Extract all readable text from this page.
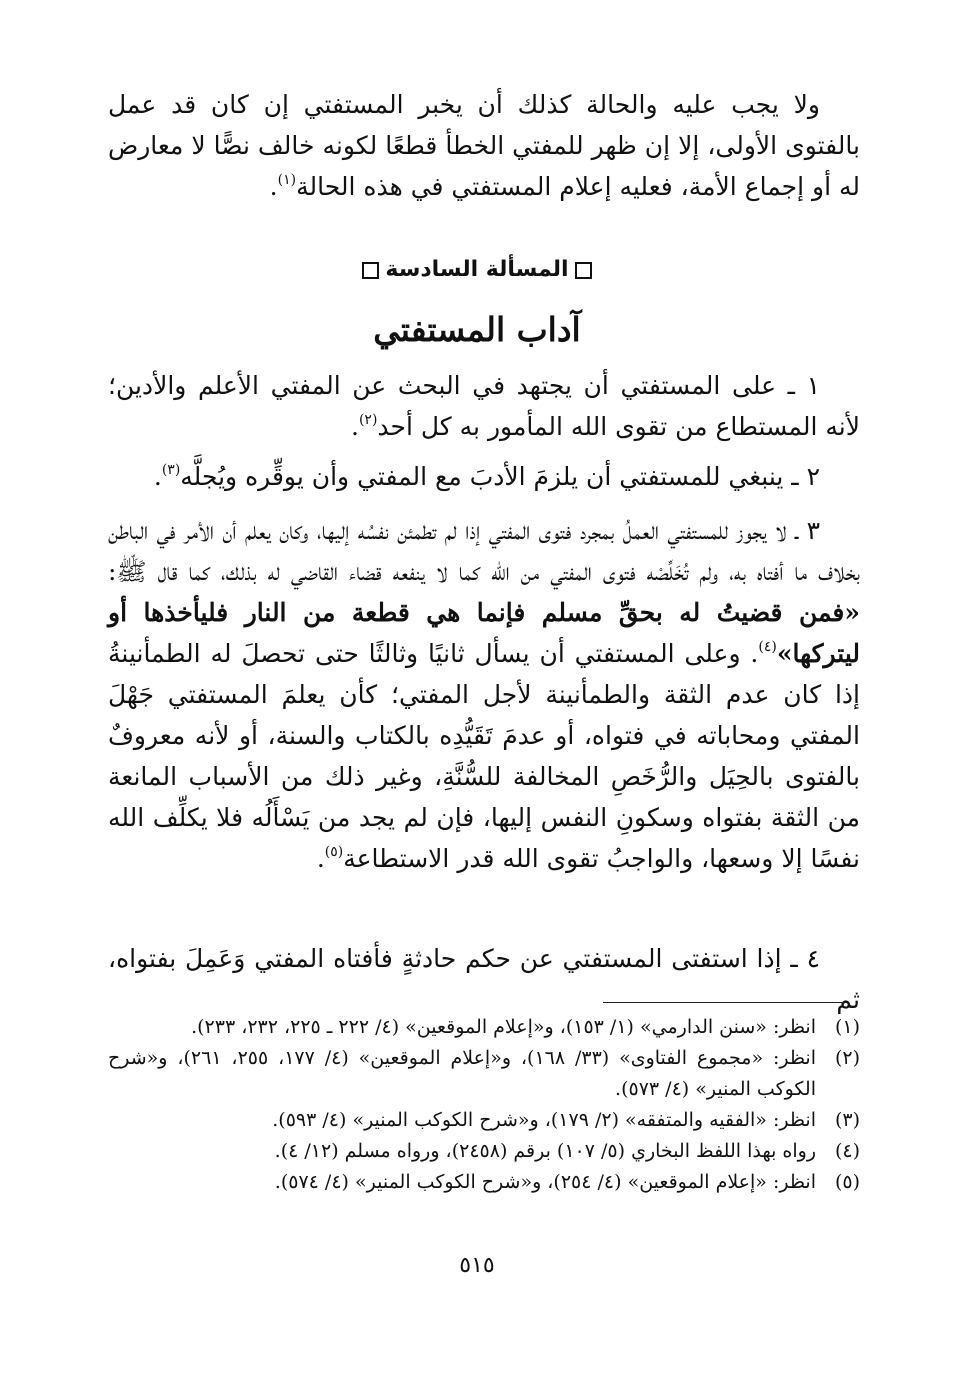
ولا يجب عليه والحالة كذلك أن يخبر المستفتي إن كان قد عمل بالفتوى الأولى، إلا إن ظهر للمفتي الخطأ قطعًا لكونه خالف نصًّا لا معارض له أو إجماع الأمة، فعليه إعلام المستفتي في هذه الحالة$^{(١)}$.

المسألة السادسة
آداب المستفتي

١ ـ على المستفتي أن يجتهد في البحث عن المفتي الأعلم والأدين؛ لأنه المستطاع من تقوى الله المأمور به كل أحد$^{(٢)}$.

٢ ـ ينبغي للمستفتي أن يلزمَ الأدبَ مع المفتي وأن يوقِّره ويُجلَّه$^{(٣)}$.

٣ ـ لا يجوز للمستفتي العملُ بمجرد فتوى المفتي إذا لم تطمئن نفسُه إليها، وكان يعلم أن الأمر في الباطن بخلاف ما أفتاه به، ولم تُخَلِّصْه فتوى المفتي من الله كما لا ينفعه قضاء القاضي له بذلك، كما قال ﷺ: «فمن قضيتُ له بحقِّ مسلم فإنما هي قطعة من النار فليأخذها أو ليتركها»$^{(٤)}$. وعلى المستفتي أن يسأل ثانيًا وثالثًا حتى تحصلَ له الطمأنينةُ إذا كان عدم الثقة والطمأنينة لأجل المفتي؛ كأن يعلمَ المستفتي جَهْلَ المفتي ومحاباته في فتواه، أو عدمَ تَقَيُّدِه بالكتاب والسنة، أو لأنه معروفٌ بالفتوى بالحِيَل والرُّخَصِ المخالفة للسُّنَّةِ، وغير ذلك من الأسباب المانعة من الثقة بفتواه وسكونِ النفس إليها، فإن لم يجد من يَسْأَلُه فلا يكلِّف الله نفسًا إلا وسعها، والواجبُ تقوى الله قدر الاستطاعة$^{(٥)}$.

٤ ـ إذا استفتى المستفتي عن حكم حادثةٍ فأفتاه المفتي وَعَمِلَ بفتواه، ثم

(١)
انظر: «سنن الدارمي» (١/ ١٥٣)، و«إعلام الموقعين» (٤/ ٢٢٢ ـ ٢٢٥، ٢٣٢، ٢٣٣).
(٢)
انظر: «مجموع الفتاوى» (٣٣/ ١٦٨)، و«إعلام الموقعين» (٤/ ١٧٧، ٢٥٥، ٢٦١)، و«شرح الكوكب المنير» (٤/ ٥٧٣).
(٣)
انظر: «الفقيه والمتفقه» (٢/ ١٧٩)، و«شرح الكوكب المنير» (٤/ ٥٩٣).
(٤)
رواه بهذا اللفظ البخاري (٥/ ١٠٧) برقم (٢٤٥٨)، ورواه مسلم (١٢/ ٤).
(٥)
انظر: «إعلام الموقعين» (٤/ ٢٥٤)، و«شرح الكوكب المنير» (٤/ ٥٧٤).
٥١٥
